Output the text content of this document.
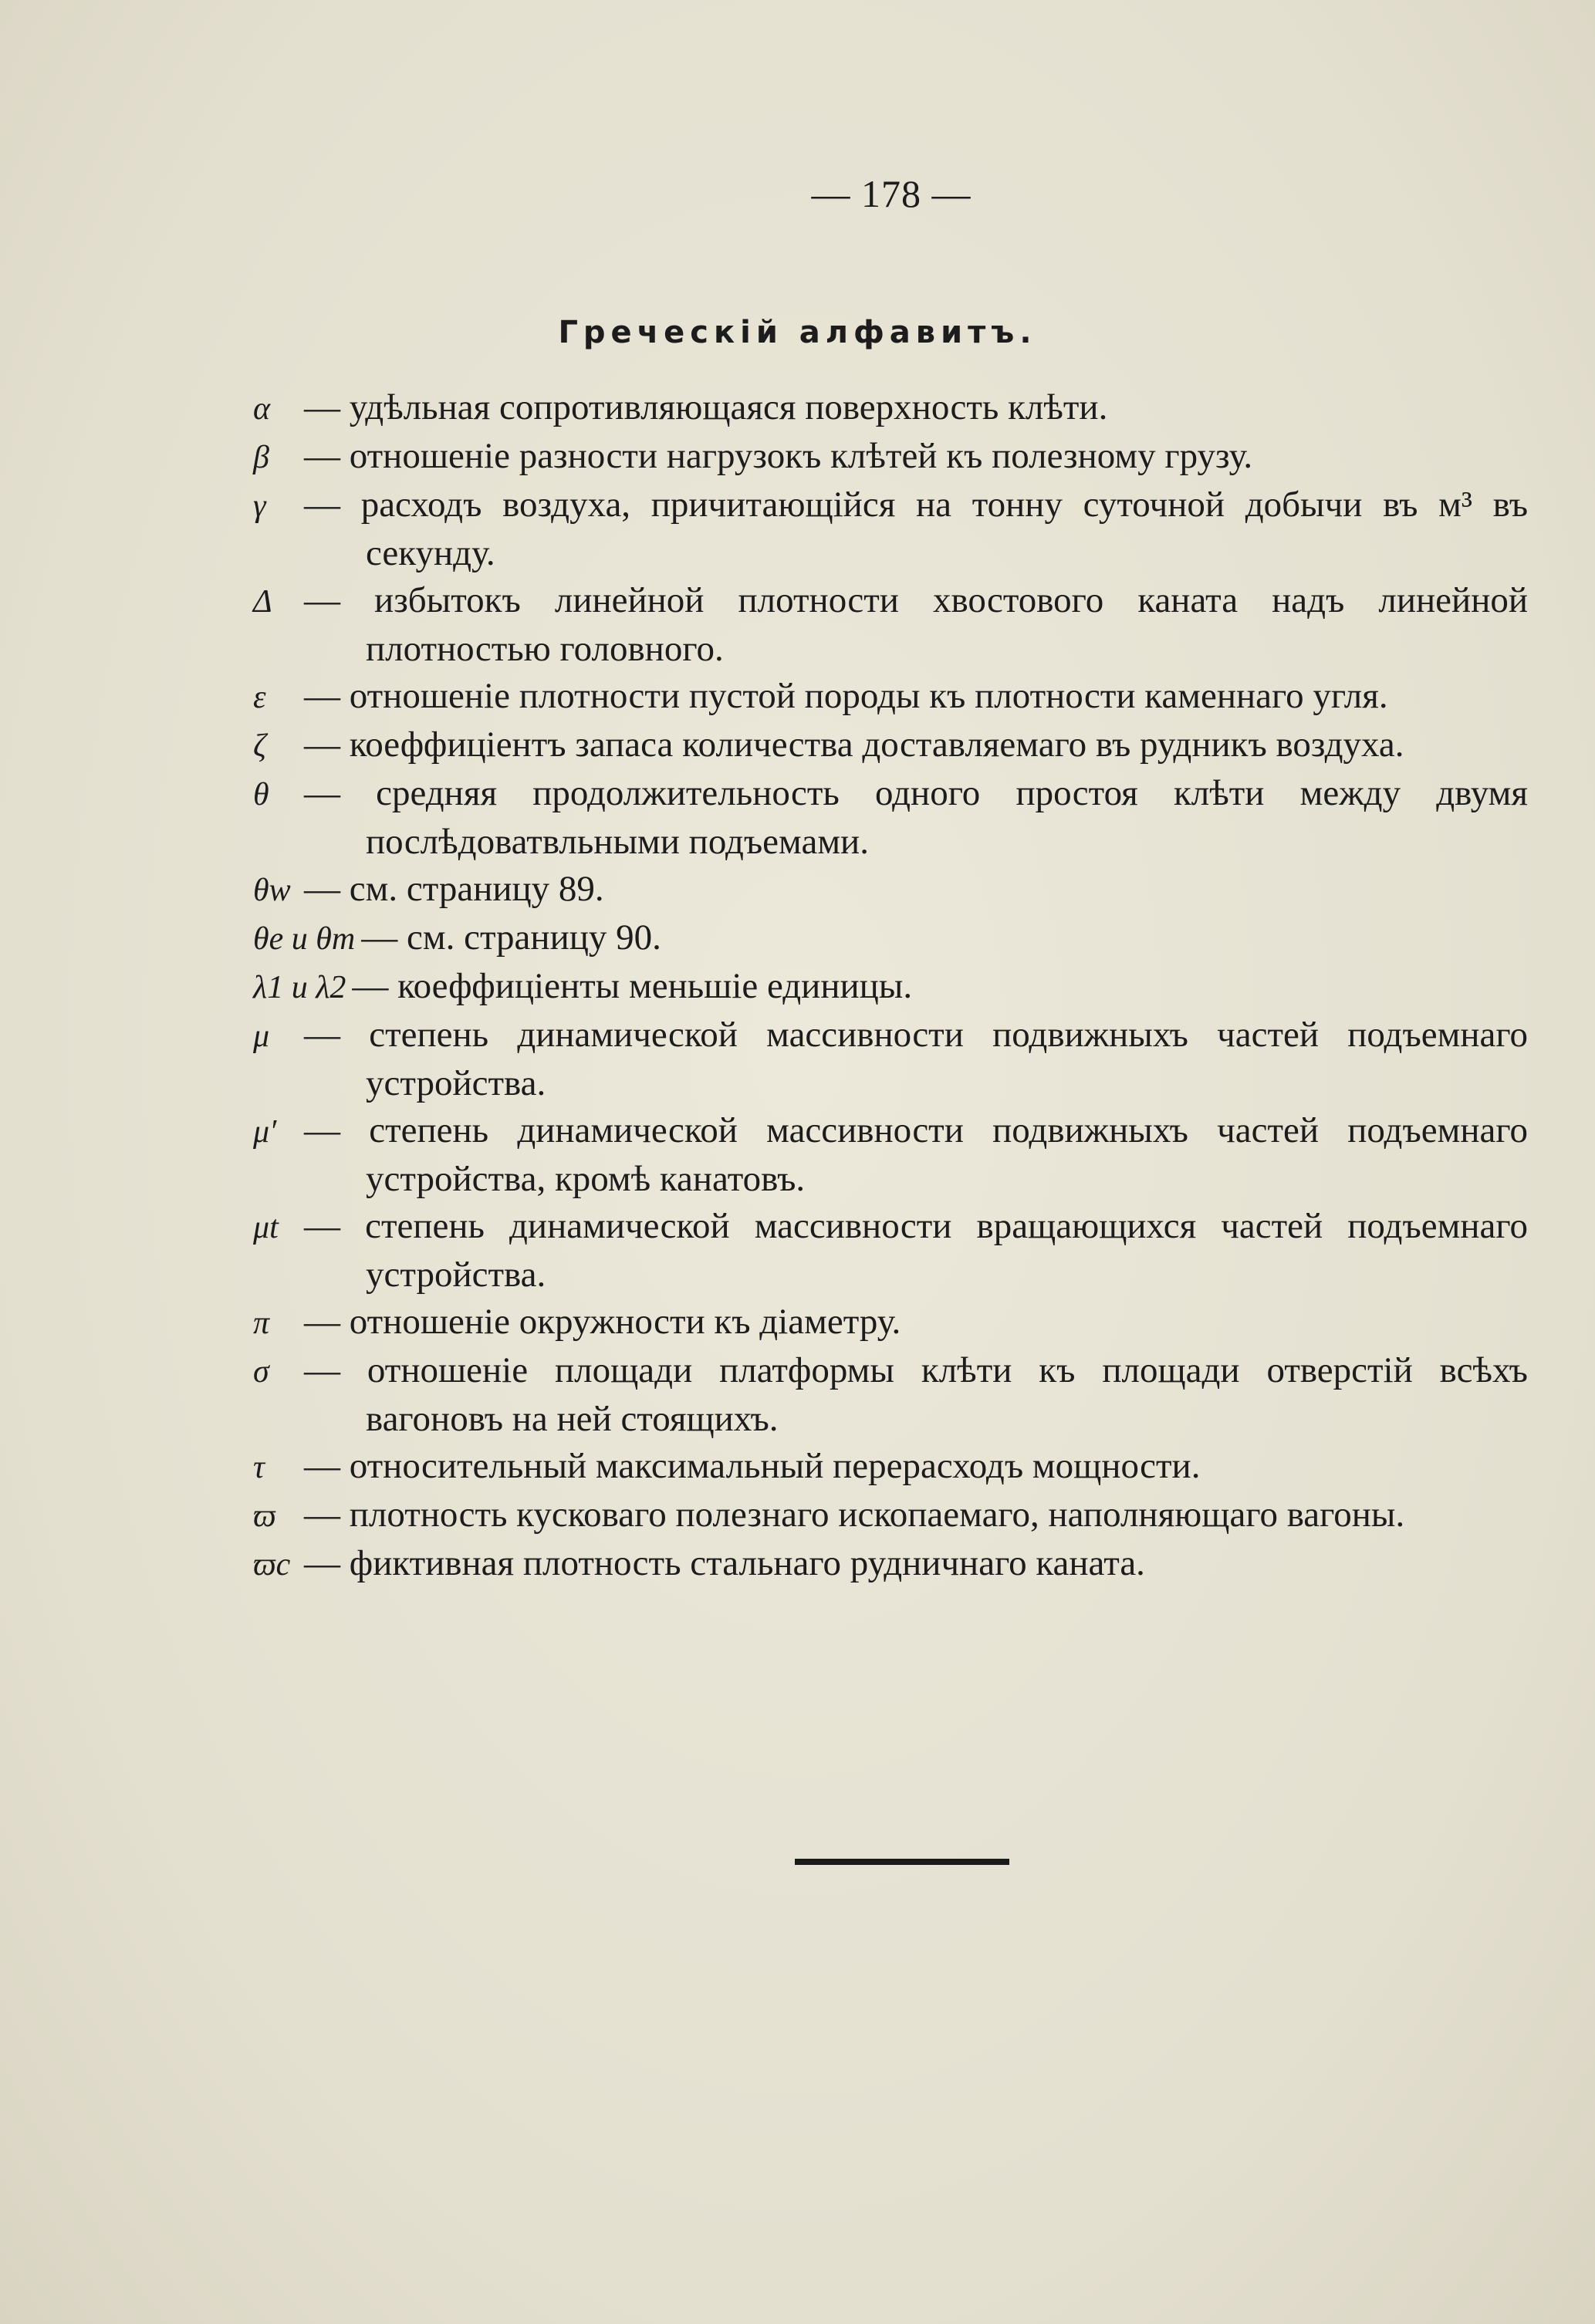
— 178 —
Греческій алфавитъ.
α — удѣльная сопротивляющаяся поверхность клѣти.
β — отношеніе разности нагрузокъ клѣтей къ полезному грузу.
γ — расходъ воздуха, причитающійся на тонну суточной добычи въ м³ въ секунду.
Δ — избытокъ линейной плотности хвостового каната надъ линейной плотностью головного.
ε — отношеніе плотности пустой породы къ плотности каменнаго угля.
ζ — коеффиціентъ запаса количества доставляемаго въ рудникъ воздуха.
θ — средняя продолжительность одного простоя клѣти между двумя послѣдоватвльными подъемами.
θw — см. страницу 89.
θe и θm — см. страницу 90.
λ1 и λ2 — коеффиціенты меньшіе единицы.
μ — степень динамической массивности подвижныхъ частей подъемнаго устройства.
μ′ — степень динамической массивности подвижныхъ частей подъемнаго устройства, кромѣ канатовъ.
μt — степень динамической массивности вращающихся частей подъемнаго устройства.
π — отношеніе окружности къ діаметру.
σ — отношеніе площади платформы клѣти къ площади отверстій всѣхъ вагоновъ на ней стоящихъ.
τ — относительный максимальный перерасходъ мощности.
ϖ — плотность кусковаго полезнаго ископаемаго, наполняющаго вагоны.
ϖc — фиктивная плотность стальнаго рудничнаго каната.
